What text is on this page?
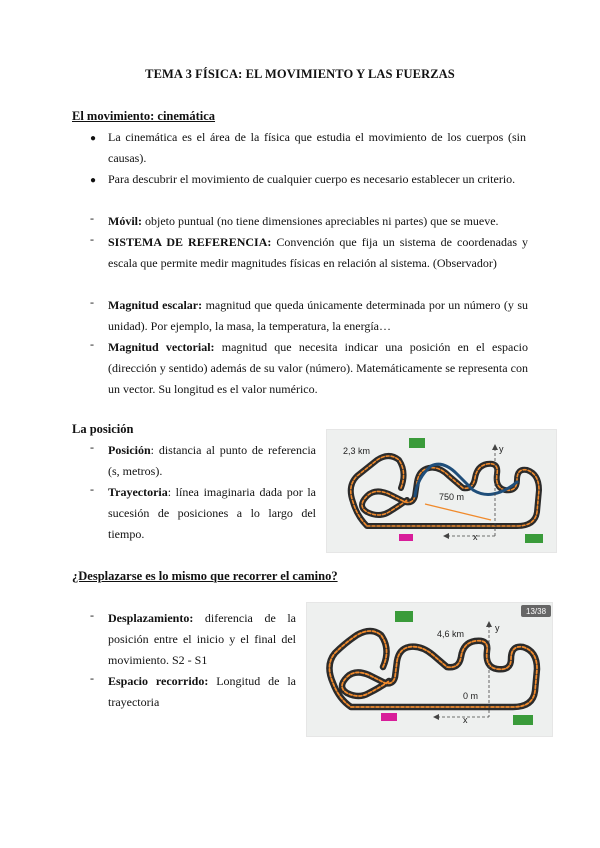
TEMA 3 FÍSICA: EL MOVIMIENTO Y LAS FUERZAS
El movimiento: cinemática
● La cinemática es el área de la física que estudia el movimiento de los cuerpos (sin causas).
● Para descubrir el movimiento de cualquier cuerpo es necesario establecer un criterio.
- Móvil: objeto puntual (no tiene dimensiones apreciables ni partes) que se mueve.
- SISTEMA DE REFERENCIA: Convención que fija un sistema de coordenadas y escala que permite medir magnitudes físicas en relación al sistema. (Observador)
- Magnitud escalar: magnitud que queda únicamente determinada por un número (y su unidad). Por ejemplo, la masa, la temperatura, la energía…
- Magnitud vectorial: magnitud que necesita indicar una posición en el espacio (dirección y sentido) además de su valor (número). Matemáticamente se representa con un vector. Su longitud es el valor numérico.
La posición
- Posición: distancia al punto de referencia (s, metros).
- Trayectoria: línea imaginaria dada por la sucesión de posiciones a lo largo del tiempo.
2,3 km
750 m
x
y
¿Desplazarse es lo mismo que recorrer el camino?
- Desplazamiento: diferencia de la posición entre el inicio y el final del movimiento. S2 - S1
- Espacio recorrido: Longitud de la trayectoria
13/38
4,6 km
0 m
x
y
